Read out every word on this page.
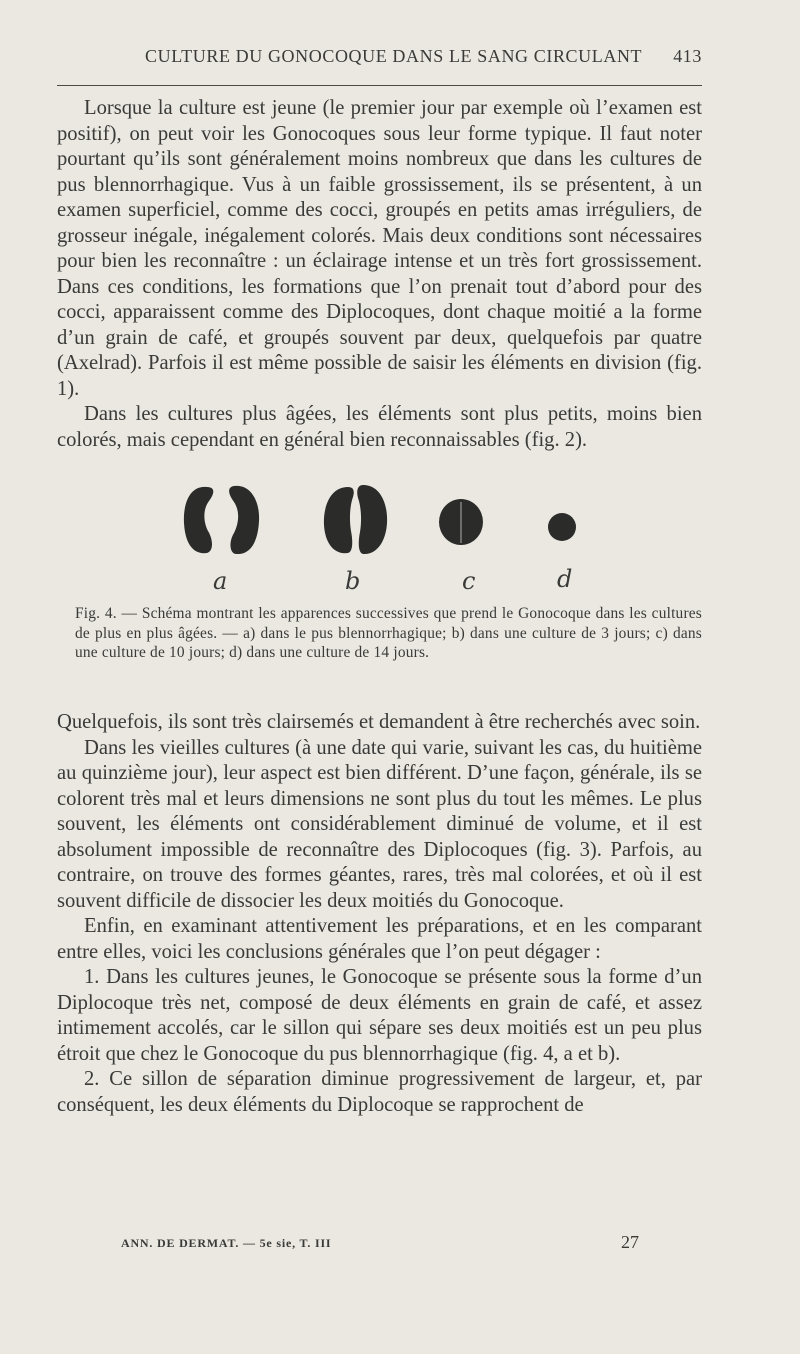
CULTURE DU GONOCOQUE DANS LE SANG CIRCULANT 413

Lorsque la culture est jeune (le premier jour par exemple où l’examen est positif), on peut voir les Gonocoques sous leur forme typique. Il faut noter pourtant qu’ils sont généralement moins nombreux que dans les cultures de pus blennorrhagique. Vus à un faible grossissement, ils se présentent, à un examen superficiel, comme des cocci, groupés en petits amas irréguliers, de grosseur inégale, inégalement colorés. Mais deux conditions sont nécessaires pour bien les reconnaître : un éclairage intense et un très fort grossissement. Dans ces conditions, les formations que l’on prenait tout d’abord pour des cocci, apparaissent comme des Diplocoques, dont chaque moitié a la forme d’un grain de café, et groupés souvent par deux, quelquefois par quatre (Axelrad). Parfois il est même possible de saisir les éléments en division (fig. 1).

Dans les cultures plus âgées, les éléments sont plus petits, moins bien colorés, mais cependant en général bien reconnaissables (fig. 2).

a	b	c	d
Fig. 4. — Schéma montrant les apparences successives que prend le Gonocoque dans les cultures de plus en plus âgées. — a) dans le pus blennorrhagique; b) dans une culture de 3 jours; c) dans une culture de 10 jours; d) dans une culture de 14 jours.

Quelquefois, ils sont très clairsemés et demandent à être recherchés avec soin.

Dans les vieilles cultures (à une date qui varie, suivant les cas, du huitième au quinzième jour), leur aspect est bien différent. D’une façon, générale, ils se colorent très mal et leurs dimensions ne sont plus du tout les mêmes. Le plus souvent, les éléments ont considérablement diminué de volume, et il est absolument impossible de reconnaître des Diplocoques (fig. 3). Parfois, au contraire, on trouve des formes géantes, rares, très mal colorées, et où il est souvent difficile de dissocier les deux moitiés du Gonocoque.

Enfin, en examinant attentivement les préparations, et en les comparant entre elles, voici les conclusions générales que l’on peut dégager :

1. Dans les cultures jeunes, le Gonocoque se présente sous la forme d’un Diplocoque très net, composé de deux éléments en grain de café, et assez intimement accolés, car le sillon qui sépare ses deux moitiés est un peu plus étroit que chez le Gonocoque du pus blennorrhagique (fig. 4, a et b).

2. Ce sillon de séparation diminue progressivement de largeur, et, par conséquent, les deux éléments du Diplocoque se rapprochent de

ANN. DE DERMAT. — 5e sie, T. III	27
